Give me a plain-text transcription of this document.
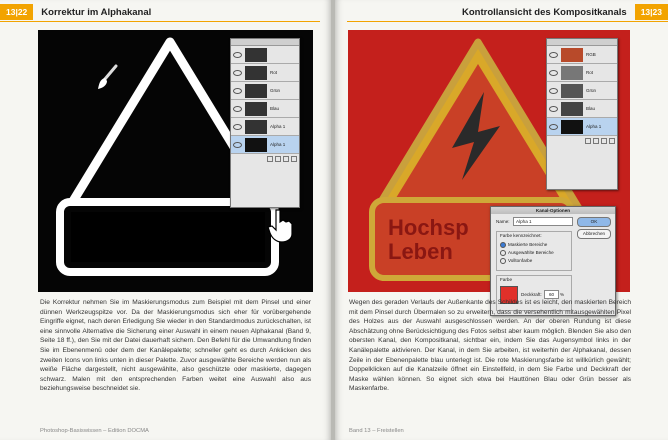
13|22	Korrektur im Alphakanal
Rot
Grün
Blau
Alpha 1
Alpha 1
Die Korrektur nehmen Sie im Maskierungsmodus zum Beispiel mit dem Pinsel und einer dünnen Werkzeugspitze vor. Da der Maskierungsmodus sich eher für vorübergehende Eingriffe eignet, nach deren Erledigung Sie wieder in den Standardmodus zurückschalten, ist eine sinnvolle Alternative die Sicherung einer Auswahl in einem neuen Alphakanal (Band 9, Seite 18 ff.), den Sie mit der Datei dauerhaft sichern. Den Befehl für die Umwandlung finden Sie im Ebenenmenü oder dem der Kanälepalette; schneller geht es durch Anklicken des zweiten Icons von links unten in dieser Palette. Zuvor ausgewählte Bereiche werden nun als weiße Fläche dargestellt, nicht ausgewählte, also geschützte oder maskierte, dagegen schwarz. Malen mit den entsprechenden Farben weitet eine Auswahl also aus beziehungsweise beschneidet sie.
Photoshop-Basiswissen – Edition DOCMA
Kontrollansicht des Kompositkanals	13|23
Hochsp
Leben
RGB
Rot
Grün
Blau
Alpha 1
Kanal-Optionen
Name:	Alpha 1	OK
Abbrechen
Farbe kennzeichnet:
Maskierte Bereiche
Ausgewählte Bereiche
Volltonfarbe
Farbe
Deckkraft:	60	%
Wegen des geraden Verlaufs der Außenkante des Schildes ist es leicht, den maskierten Bereich mit dem Pinsel durch Übermalen so zu erweitern, dass die versehentlich mitausgewählten Pixel des Holzes aus der Auswahl ausgeschlossen werden. An der oberen Rundung ist diese Abschätzung ohne Berücksichtigung des Fotos selbst aber kaum möglich. Blenden Sie also den obersten Kanal, den Kompositkanal, sichtbar ein, indem Sie das Augensymbol links in der Kanälepalette aktivieren. Der Kanal, in dem Sie arbeiten, ist weiterhin der Alphakanal, dessen Zeile in der Ebenenpalette blau unterlegt ist. Die rote Maskierungsfarbe ist willkürlich gewählt; Doppelklicken auf die Kanalzeile öffnet ein Einstellfeld, in dem Sie Farbe und Deckkraft der Maske wählen können. So eignet sich etwa bei Hauttönen Blau oder Grün besser als Maskenfarbe.
Band 13 – Freistellen
